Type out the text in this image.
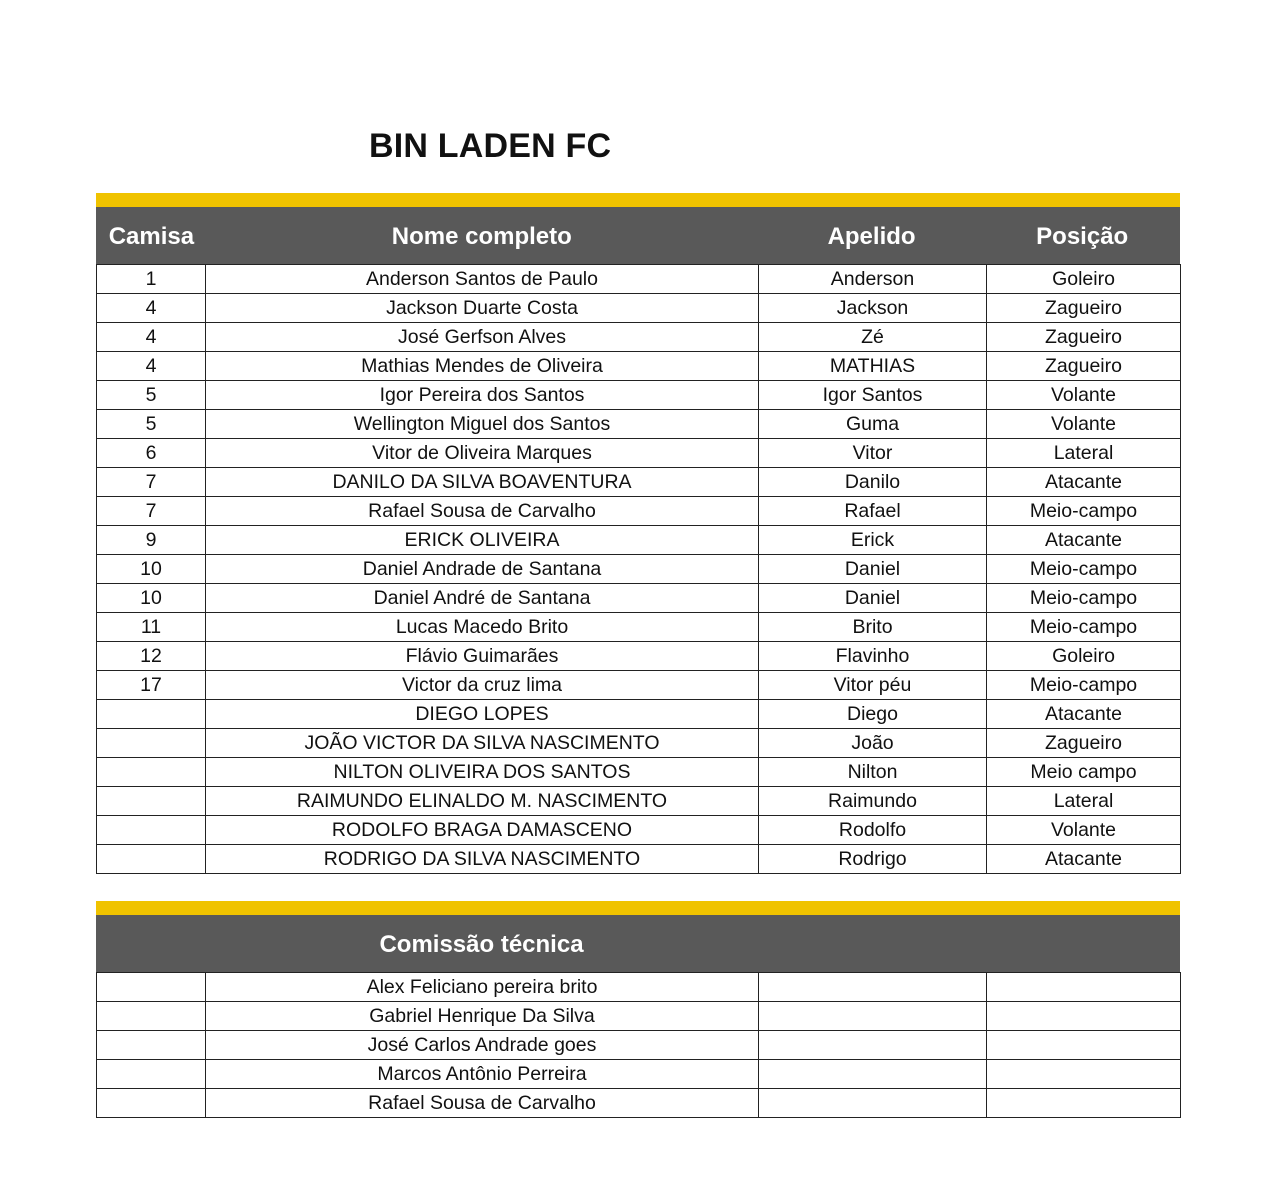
BIN LADEN FC
Camisa	Nome completo	Apelido	Posição
1	Anderson Santos de Paulo	Anderson	Goleiro
4	Jackson Duarte Costa	Jackson	Zagueiro
4	José Gerfson Alves	Zé	Zagueiro
4	Mathias Mendes de Oliveira	MATHIAS	Zagueiro
5	Igor Pereira dos Santos	Igor Santos	Volante
5	Wellington Miguel dos Santos	Guma	Volante
6	Vitor de Oliveira Marques	Vitor	Lateral
7	DANILO DA SILVA BOAVENTURA	Danilo	Atacante
7	Rafael Sousa de Carvalho	Rafael	Meio-campo
9	ERICK OLIVEIRA	Erick	Atacante
10	Daniel Andrade de Santana	Daniel	Meio-campo
10	Daniel André de Santana	Daniel	Meio-campo
11	Lucas Macedo Brito	Brito	Meio-campo
12	Flávio Guimarães	Flavinho	Goleiro
17	Victor da cruz lima	Vitor péu	Meio-campo
	DIEGO LOPES	Diego	Atacante
	JOÃO VICTOR DA SILVA NASCIMENTO	João	Zagueiro
	NILTON OLIVEIRA DOS SANTOS	Nilton	Meio campo
	RAIMUNDO ELINALDO M. NASCIMENTO	Raimundo	Lateral
	RODOLFO BRAGA DAMASCENO	Rodolfo	Volante
	RODRIGO DA SILVA NASCIMENTO	Rodrigo	Atacante
Comissão técnica
	Alex Feliciano pereira brito		
	Gabriel Henrique Da Silva		
	José Carlos Andrade goes		
	Marcos Antônio Perreira		
	Rafael Sousa de Carvalho		
